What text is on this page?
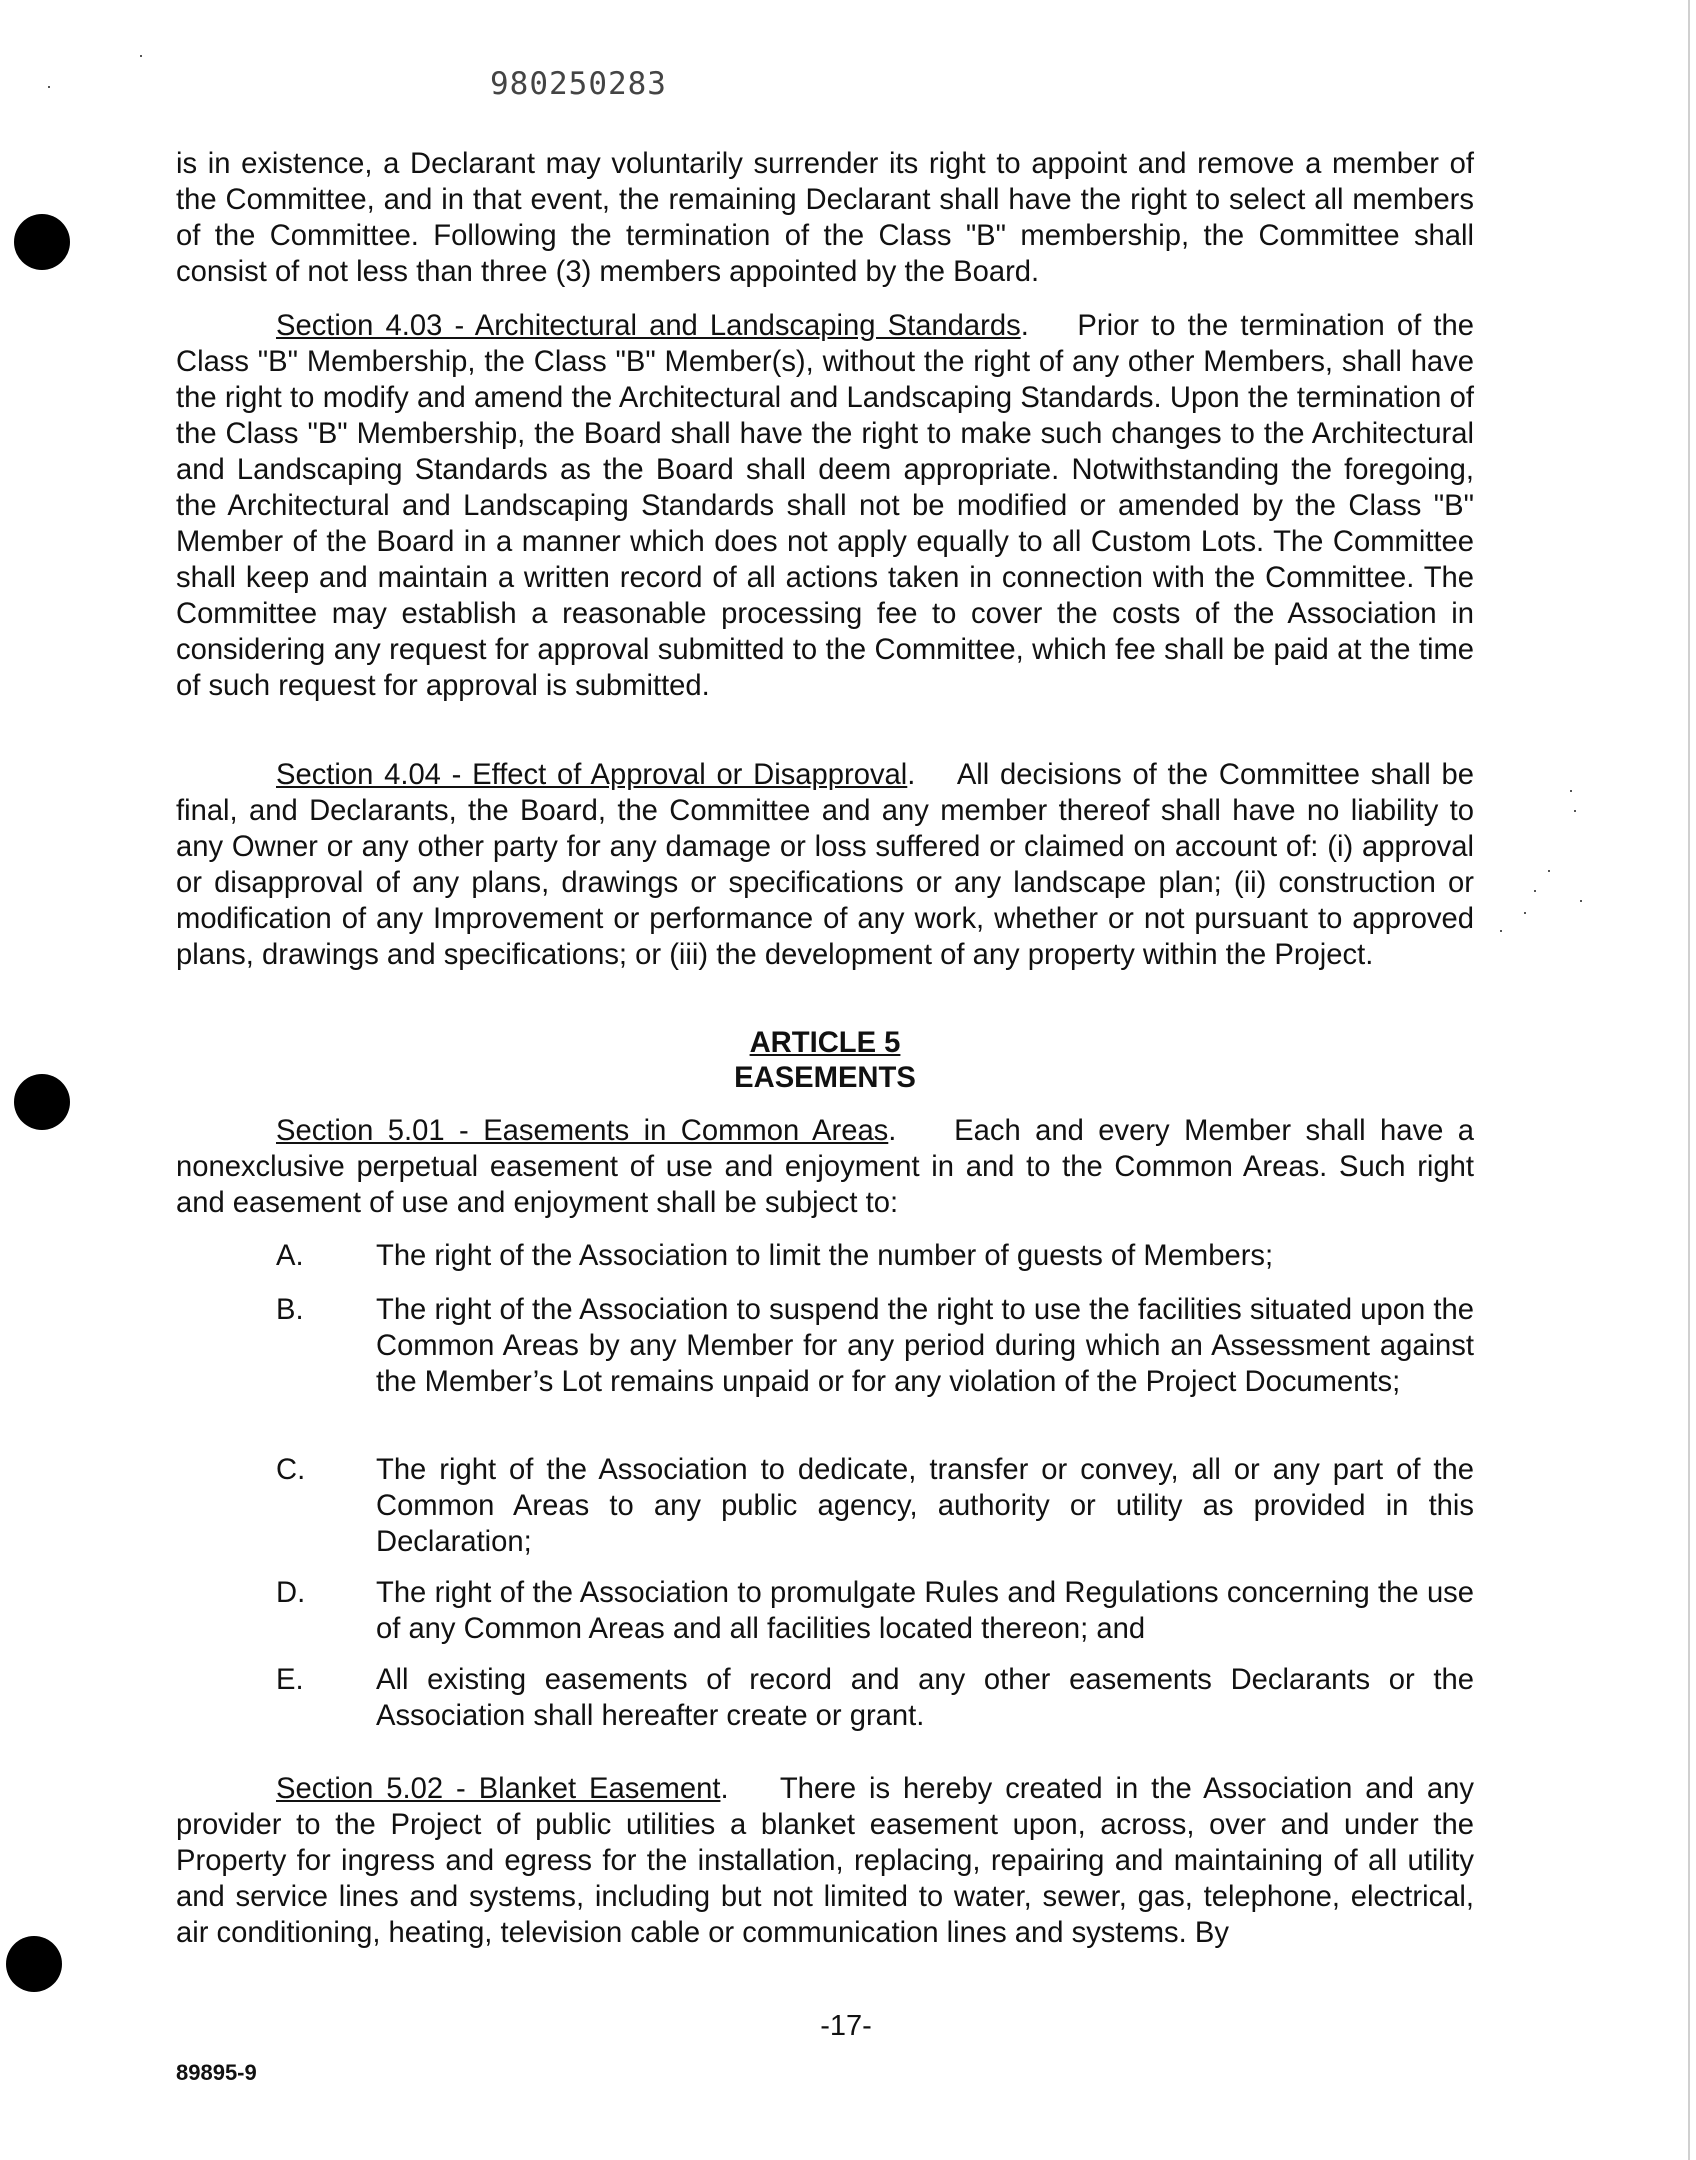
980250283

is in existence, a Declarant may voluntarily surrender its right to appoint and remove a member of the Committee, and in that event, the remaining Declarant shall have the right to select all members of the Committee. Following the termination of the Class "B" membership, the Committee shall consist of not less than three (3) members appointed by the Board.

Section 4.03 - Architectural and Landscaping Standards.    Prior to the termination of the Class "B" Membership, the Class "B" Member(s), without the right of any other Members, shall have the right to modify and amend the Architectural and Landscaping Standards. Upon the termination of the Class "B" Membership, the Board shall have the right to make such changes to the Architectural and Landscaping Standards as the Board shall deem appropriate. Notwithstanding the foregoing, the Architectural and Landscaping Standards shall not be modified or amended by the Class "B" Member of the Board in a manner which does not apply equally to all Custom Lots. The Committee shall keep and maintain a written record of all actions taken in connection with the Committee. The Committee may establish a reasonable processing fee to cover the costs of the Association in considering any request for approval submitted to the Committee, which fee shall be paid at the time of such request for approval is submitted.

Section 4.04 - Effect of Approval or Disapproval.    All decisions of the Committee shall be final, and Declarants, the Board, the Committee and any member thereof shall have no liability to any Owner or any other party for any damage or loss suffered or claimed on account of: (i) approval or disapproval of any plans, drawings or specifications or any landscape plan; (ii) construction or modification of any Improvement or performance of any work, whether or not pursuant to approved plans, drawings and specifications; or (iii) the development of any property within the Project.

ARTICLE 5
EASEMENTS

Section 5.01 - Easements in Common Areas.    Each and every Member shall have a nonexclusive perpetual easement of use and enjoyment in and to the Common Areas. Such right and easement of use and enjoyment shall be subject to:

A.	The right of the Association to limit the number of guests of Members;
B.	The right of the Association to suspend the right to use the facilities situated upon the Common Areas by any Member for any period during which an Assessment against the Member’s Lot remains unpaid or for any violation of the Project Documents;
C.	The right of the Association to dedicate, transfer or convey, all or any part of the Common Areas to any public agency, authority or utility as provided in this Declaration;
D.	The right of the Association to promulgate Rules and Regulations concerning the use of any Common Areas and all facilities located thereon; and
E.	All existing easements of record and any other easements Declarants or the Association shall hereafter create or grant.

Section 5.02 - Blanket Easement.    There is hereby created in the Association and any provider to the Project of public utilities a blanket easement upon, across, over and under the Property for ingress and egress for the installation, replacing, repairing and maintaining of all utility and service lines and systems, including but not limited to water, sewer, gas, telephone, electrical, air conditioning, heating, television cable or communication lines and systems. By

-17-
89895-9
